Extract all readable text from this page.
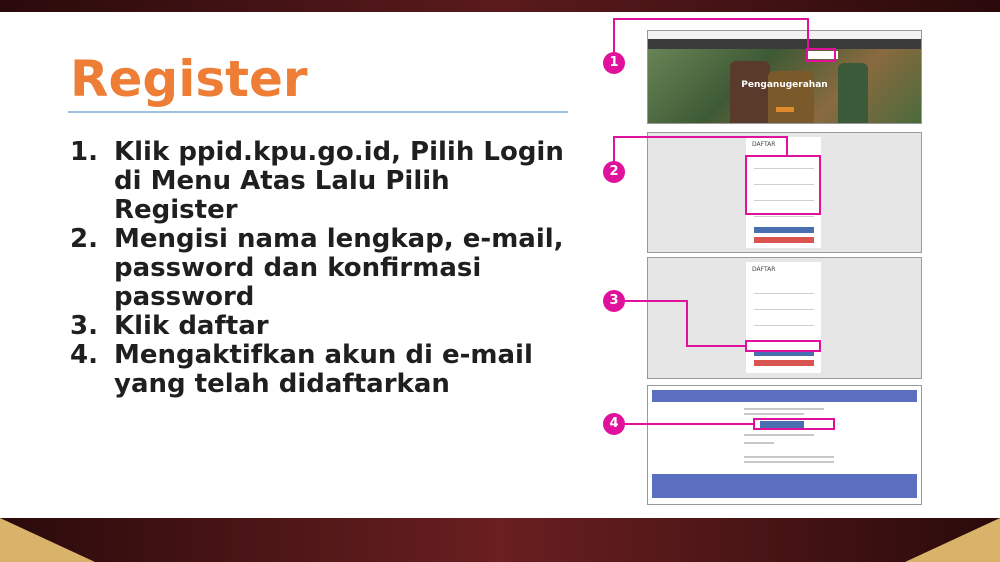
Register
1. Klik ppid.kpu.go.id, Pilih Login di Menu Atas Lalu Pilih Register
2. Mengisi nama lengkap, e-mail, password dan konfirmasi password
3. Klik daftar
4. Mengaktifkan akun di e-mail yang telah didaftarkan
Penganugerahan
DAFTAR
DAFTAR
1
2
3
4
